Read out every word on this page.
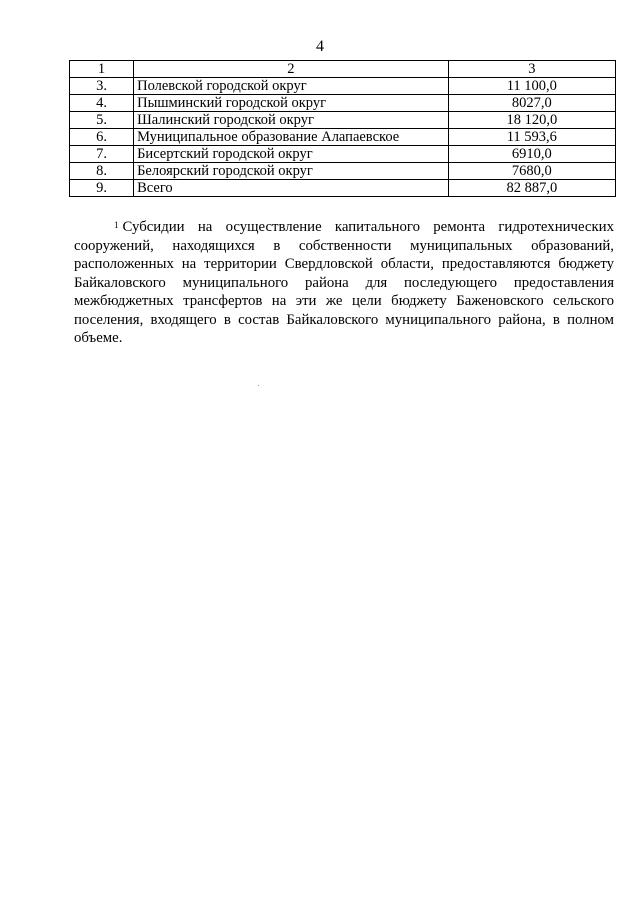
4
1	2	3
3.	Полевской городской округ	11 100,0
4.	Пышминский городской округ	8027,0
5.	Шалинский городской округ	18 120,0
6.	Муниципальное образование Алапаевское	11 593,6
7.	Бисертский городской округ	6910,0
8.	Белоярский городской округ	7680,0
9.	Всего	82 887,0

$^1$ Субсидии на осуществление капитального ремонта гидротехнических сооружений, находящихся в собственности муниципальных образований, расположенных на территории Свердловской области, предоставляются бюджету Байкаловского муниципального района для последующего предоставления межбюджетных трансфертов на эти же цели бюджету Баженовского сельского поселения, входящего в состав Байкаловского муниципального района, в полном объеме.
